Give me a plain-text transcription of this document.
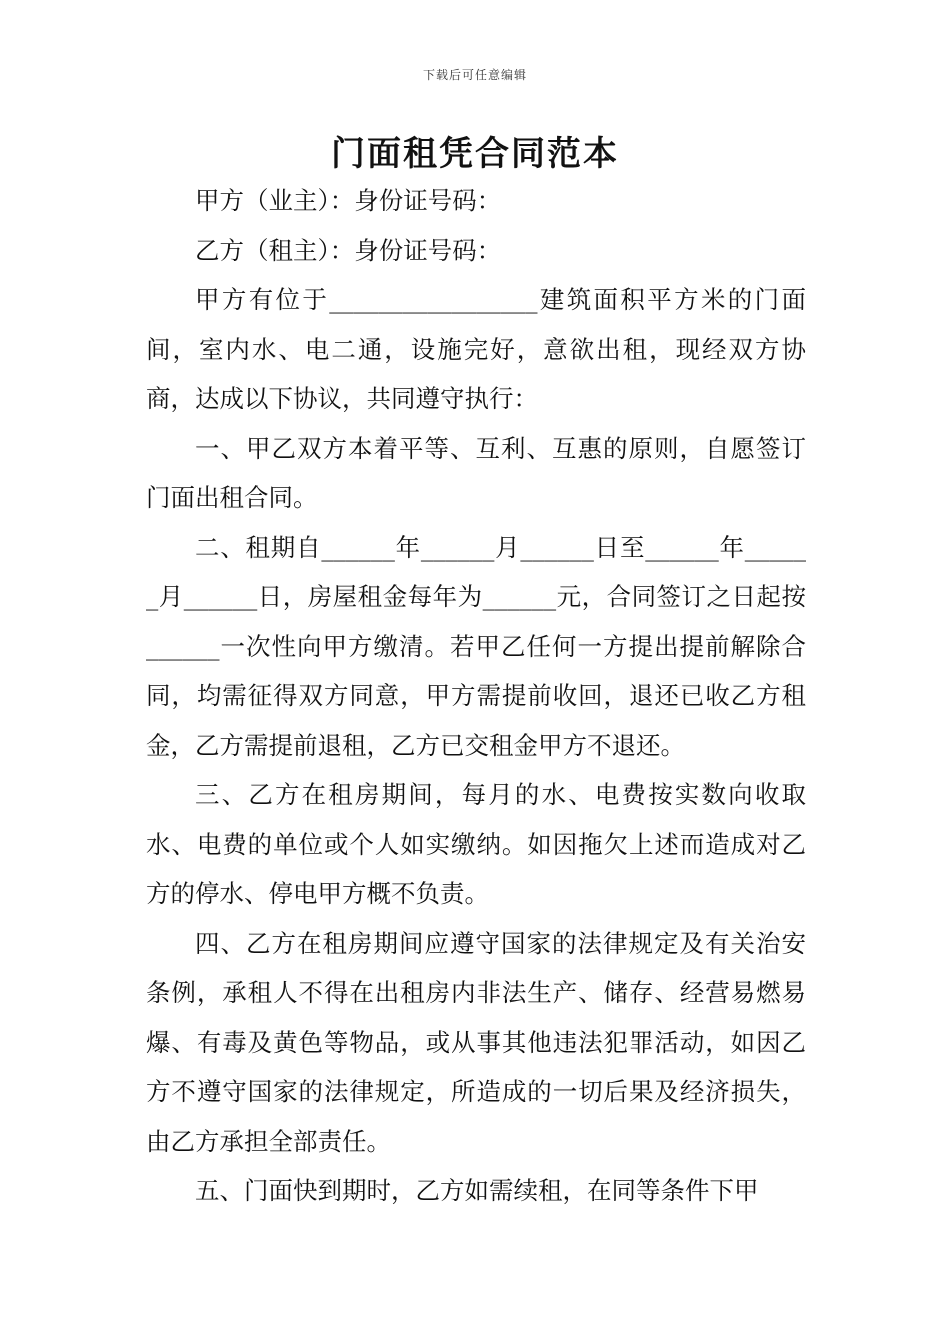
下载后可任意编辑
门面租凭合同范本

甲方（业主）：身份证号码：

乙方（租主）：身份证号码：

甲方有位于_________________建筑面积平方米的门面间，室内水、电二通，设施完好，意欲出租，现经双方协商，达成以下协议，共同遵守执行：

一、甲乙双方本着平等、互利、互惠的原则，自愿签订门面出租合同。

二、租期自______年______月______日至______年______月______日，房屋租金每年为______元，合同签订之日起按______一次性向甲方缴清。若甲乙任何一方提出提前解除合同，均需征得双方同意，甲方需提前收回，退还已收乙方租金，乙方需提前退租，乙方已交租金甲方不退还。

三、乙方在租房期间，每月的水、电费按实数向收取水、电费的单位或个人如实缴纳。如因拖欠上述而造成对乙方的停水、停电甲方概不负责。

四、乙方在租房期间应遵守国家的法律规定及有关治安条例，承租人不得在出租房内非法生产、储存、经营易燃易爆、有毒及黄色等物品，或从事其他违法犯罪活动，如因乙方不遵守国家的法律规定，所造成的一切后果及经济损失，由乙方承担全部责任。

五、门面快到期时，乙方如需续租，在同等条件下甲
